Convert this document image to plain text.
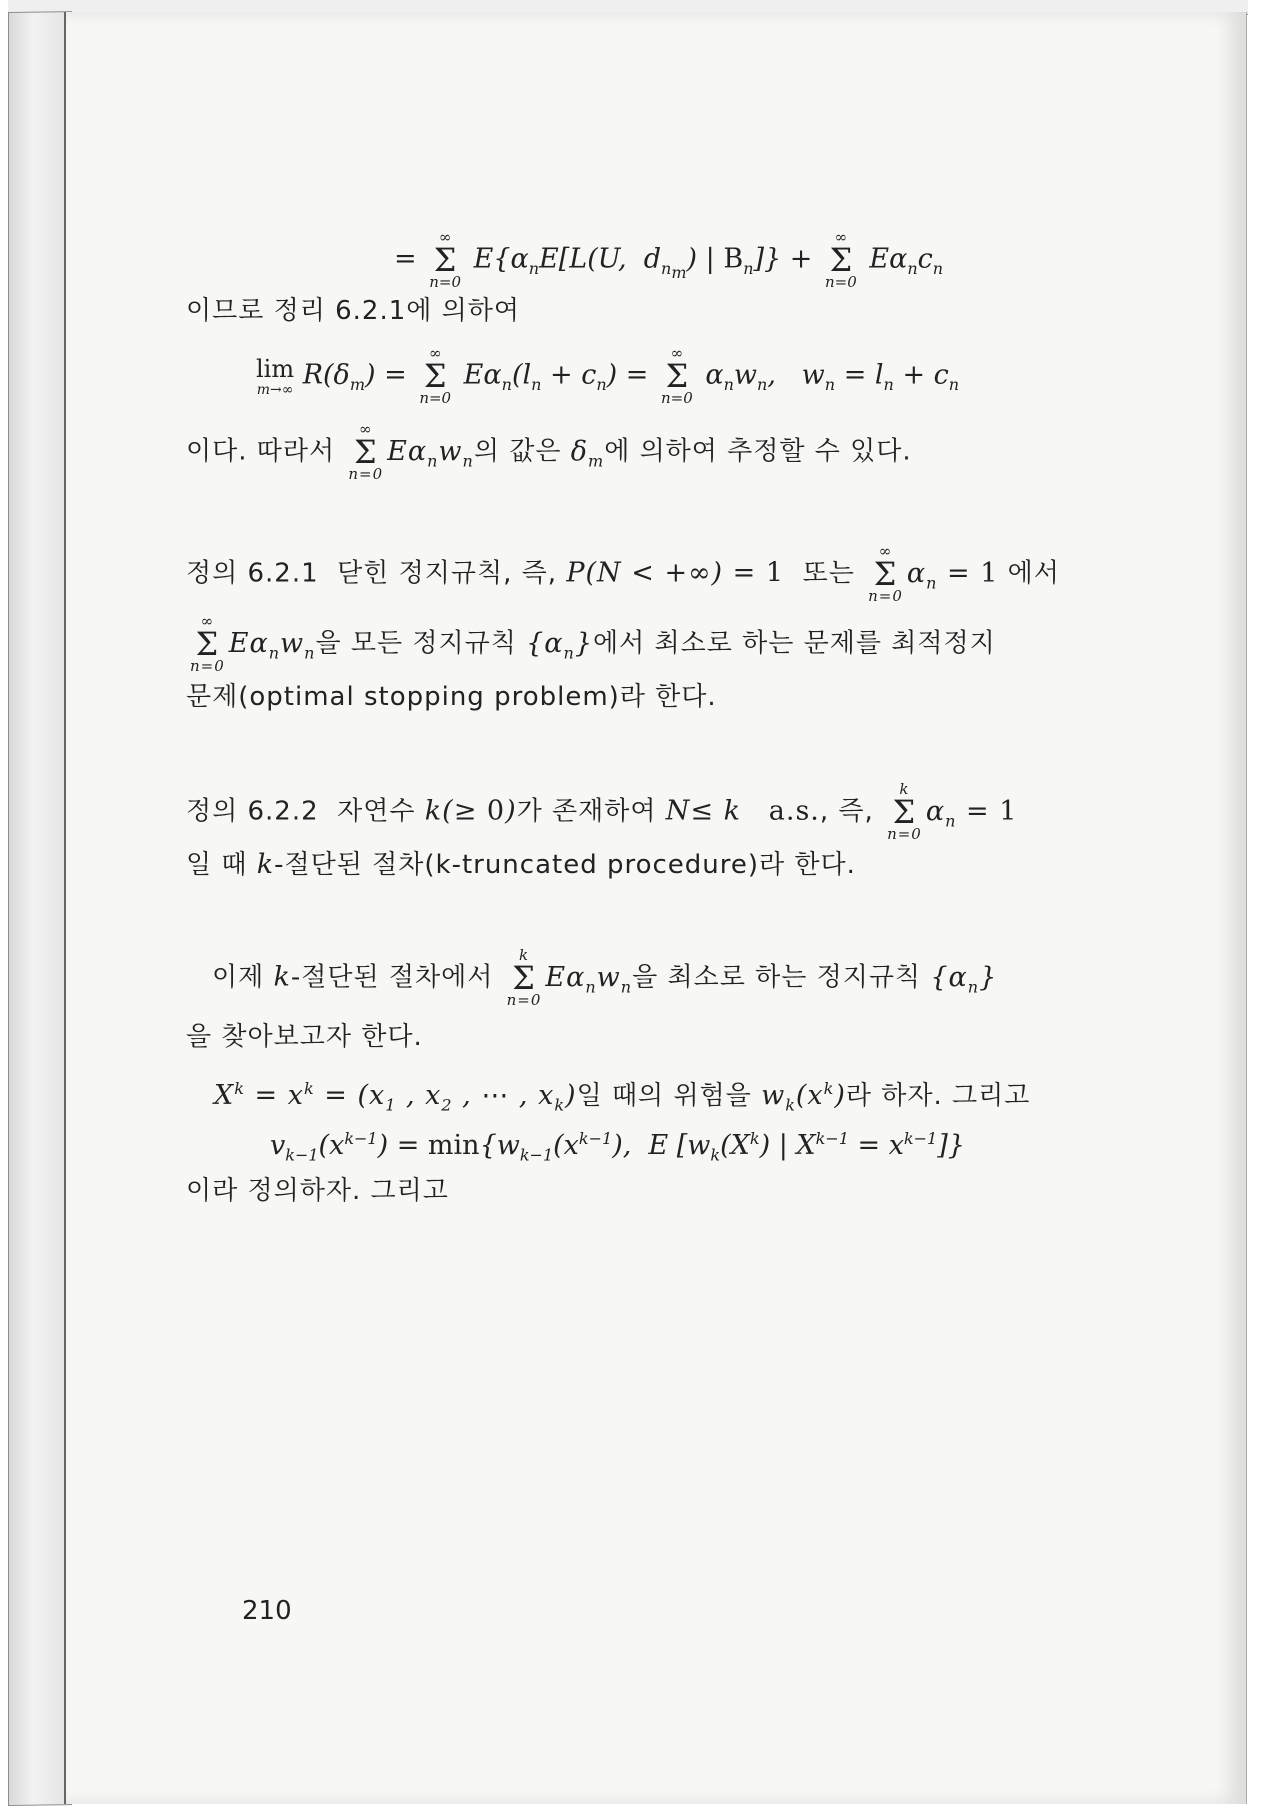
=
∞
Σ
n=0
$E\{\alpha_nE[L(U$,  $d_{n_m}$) | $B_n$]} +
∞
Σ
n=0
$E\alpha_nc_n$
이므로 정리 6.2.1에 의하여
lim
m→∞ $R(\delta_m)$ =
∞
Σ
n=0
$E\alpha_n(l_n + c_n)$ =
∞
Σ
n=0
$\alpha_nw_n$,   $w_n = l_n + c_n$
이다. 따라서
∞
Σ
n=0
$E\alpha_nw_n$의 값은 $\delta_m$에 의하여 추정할 수 있다.
정의 6.2.1  닫힌 정지규칙, 즉, P(N < +∞) = 1  또는
∞
Σ
n=0
$\alpha_n = 1$ 에서
∞
Σ
n=0
$E\alpha_nw_n$을 모든 정지규칙 $\{\alpha_n\}$에서 최소로 하는 문제를 최적정지
문제(optimal stopping problem)라 한다.
정의 6.2.2  자연수 k(≥ 0)가 존재하여 N≤ k a.s., 즉,
k
Σ
n=0
$\alpha_n = 1$
일 때 k-절단된 절차(k-truncated procedure)라 한다.
이제 k-절단된 절차에서
k
Σ
n=0
$E\alpha_nw_n$을 최소로 하는 정지규칙 $\{\alpha_n\}$
을 찾아보고자 한다.
$X^k = x^k = (x_1$ , $x_2$ , ⋯ , $x_k$)일 때의 위험을 $w_k(x^k)$라 하자. 그리고
$v_{k-1}(x^{k-1}) = \min\{w_{k-1}(x^{k-1})$,  E [$w_k(X^k)$ | $X^{k-1} = x^{k-1}$]}
이라 정의하자. 그리고
210
